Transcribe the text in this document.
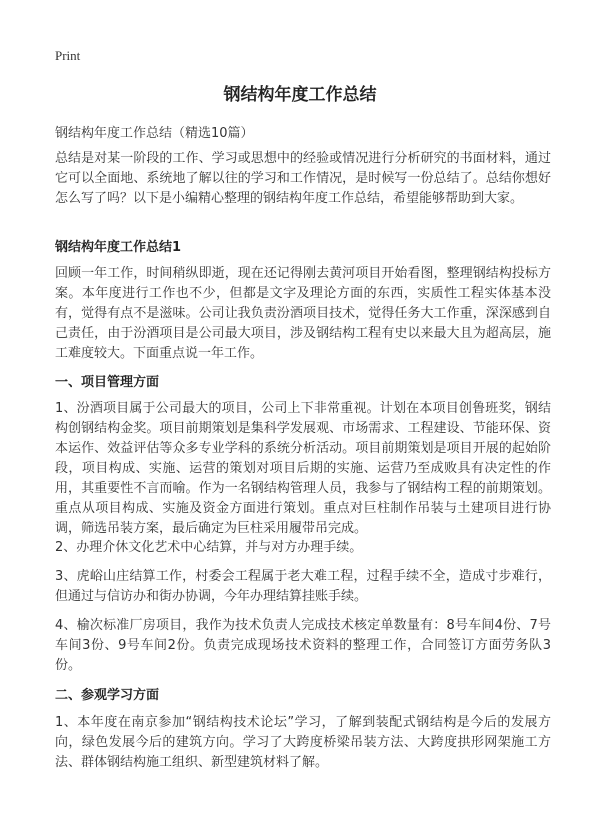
Print
钢结构年度工作总结
钢结构年度工作总结（精选10篇）
总结是对某一阶段的工作、学习或思想中的经验或情况进行分析研究的书面材料，通过它可以全面地、系统地了解以往的学习和工作情况，是时候写一份总结了。总结你想好怎么写了吗？以下是小编精心整理的钢结构年度工作总结，希望能够帮助到大家。
钢结构年度工作总结1
回顾一年工作，时间稍纵即逝，现在还记得刚去黄河项目开始看图，整理钢结构投标方案。本年度进行工作也不少，但都是文字及理论方面的东西，实质性工程实体基本没有，觉得有点不是滋味。公司让我负责汾酒项目技术，觉得任务大工作重，深深感到自己责任，由于汾酒项目是公司最大项目，涉及钢结构工程有史以来最大且为超高层，施工难度较大。下面重点说一年工作。
一、项目管理方面
1、汾酒项目属于公司最大的项目，公司上下非常重视。计划在本项目创鲁班奖，钢结构创钢结构金奖。项目前期策划是集科学发展观、市场需求、工程建设、节能环保、资本运作、效益评估等众多专业学科的系统分析活动。项目前期策划是项目开展的起始阶段，项目构成、实施、运营的策划对项目后期的实施、运营乃至成败具有决定性的作用，其重要性不言而喻。作为一名钢结构管理人员，我参与了钢结构工程的前期策划。重点从项目构成、实施及资金方面进行策划。重点对巨柱制作吊装与土建项目进行协调，筛选吊装方案，最后确定为巨柱采用履带吊完成。
2、办理介休文化艺术中心结算，并与对方办理手续。
3、虎峪山庄结算工作，村委会工程属于老大难工程，过程手续不全，造成寸步难行，但通过与信访办和街办协调，今年办理结算挂账手续。
4、榆次标准厂房项目，我作为技术负责人完成技术核定单数量有：8号车间4份、7号车间3份、9号车间2份。负责完成现场技术资料的整理工作，合同签订方面劳务队3份。
二、参观学习方面
1、本年度在南京参加“钢结构技术论坛”学习，了解到装配式钢结构是今后的发展方向，绿色发展今后的建筑方向。学习了大跨度桥梁吊装方法、大跨度拱形网架施工方法、群体钢结构施工组织、新型建筑材料了解。
